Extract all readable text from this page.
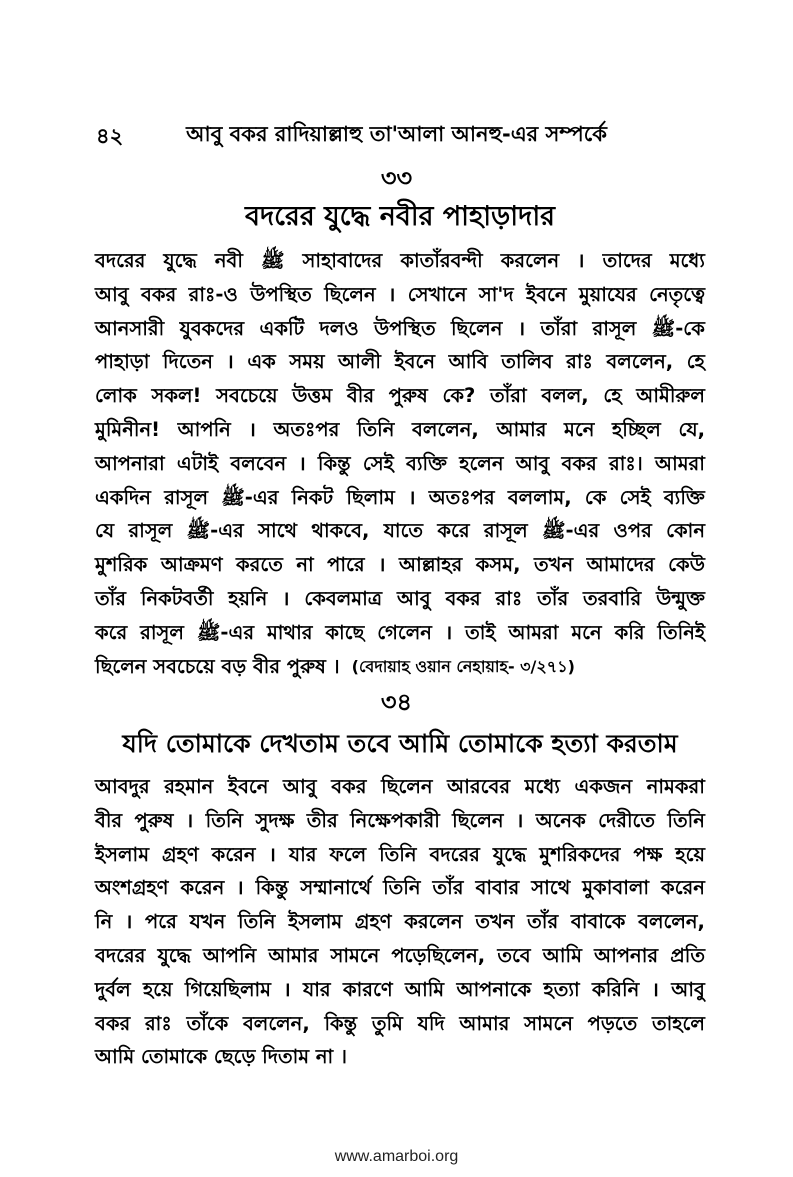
৪২	আবু বকর রাদিয়াল্লাহু তা'আলা আনহু-এর সম্পর্কে
৩৩
বদরের যুদ্ধে নবীর পাহাড়াদার
বদরের যুদ্ধে নবী ﷺ সাহাবাদের কাতাঁরবন্দী করলেন । তাদের মধ্যে
আবু বকর রাঃ-ও উপস্থিত ছিলেন । সেখানে সা'দ ইবনে মুয়াযের নেতৃত্বে
আনসারী যুবকদের একটি দলও উপস্থিত ছিলেন । তাঁরা রাসূল ﷺ-কে
পাহাড়া দিতেন । এক সময় আলী ইবনে আবি তালিব রাঃ বললেন, হে
লোক সকল! সবচেয়ে উত্তম বীর পুরুষ কে? তাঁরা বলল, হে আমীরুল
মুমিনীন! আপনি । অতঃপর তিনি বললেন, আমার মনে হচ্ছিল যে,
আপনারা এটাই বলবেন । কিন্তু সেই ব্যক্তি হলেন আবু বকর রাঃ। আমরা
একদিন রাসূল ﷺ-এর নিকট ছিলাম । অতঃপর বললাম, কে সেই ব্যক্তি
যে রাসূল ﷺ-এর সাথে থাকবে, যাতে করে রাসূল ﷺ-এর ওপর কোন
মুশরিক আক্রমণ করতে না পারে । আল্লাহর কসম, তখন আমাদের কেউ
তাঁর নিকটবর্তী হয়নি । কেবলমাত্র আবু বকর রাঃ তাঁর তরবারি উন্মুক্ত
করে রাসূল ﷺ-এর মাথার কাছে গেলেন । তাই আমরা মনে করি তিনিই
ছিলেন সবচেয়ে বড় বীর পুরুষ । (বেদায়াহ ওয়ান নেহায়াহ- ৩/২৭১)
৩৪
যদি তোমাকে দেখতাম তবে আমি তোমাকে হত্যা করতাম
আবদুর রহমান ইবনে আবু বকর ছিলেন আরবের মধ্যে একজন নামকরা
বীর পুরুষ । তিনি সুদক্ষ তীর নিক্ষেপকারী ছিলেন । অনেক দেরীতে তিনি
ইসলাম গ্রহণ করেন । যার ফলে তিনি বদরের যুদ্ধে মুশরিকদের পক্ষ হয়ে
অংশগ্রহণ করেন । কিন্তু সম্মানার্থে তিনি তাঁর বাবার সাথে মুকাবালা করেন
নি । পরে যখন তিনি ইসলাম গ্রহণ করলেন তখন তাঁর বাবাকে বললেন,
বদরের যুদ্ধে আপনি আমার সামনে পড়েছিলেন, তবে আমি আপনার প্রতি
দুর্বল হয়ে গিয়েছিলাম । যার কারণে আমি আপনাকে হত্যা করিনি । আবু
বকর রাঃ তাঁকে বললেন, কিন্তু তুমি যদি আমার সামনে পড়তে তাহলে
আমি তোমাকে ছেড়ে দিতাম না ।
www.amarboi.org
